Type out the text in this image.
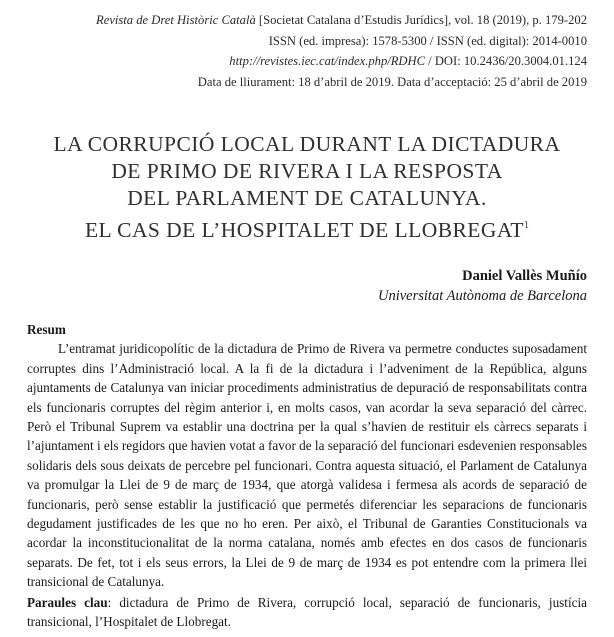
Revista de Dret Històric Català [Societat Catalana d’Estudis Jurídics], vol. 18 (2019), p. 179-202
ISSN (ed. impresa): 1578-5300 / ISSN (ed. digital): 2014-0010
http://revistes.iec.cat/index.php/RDHC / DOI: 10.2436/20.3004.01.124
Data de lliurament: 18 d’abril de 2019. Data d’acceptació: 25 d’abril de 2019
LA CORRUPCIÓ LOCAL DURANT LA DICTADURA
DE PRIMO DE RIVERA I LA RESPOSTA
DEL PARLAMENT DE CATALUNYA.
EL CAS DE L’HOSPITALET DE LLOBREGAT$^1$
Daniel Vallès Muñío
Universitat Autònoma de Barcelona
Resum

L’entramat juridicopolític de la dictadura de Primo de Rivera va permetre conductes suposadament corruptes dins l’Administració local. A la fi de la dictadura i l’adveniment de la República, alguns ajuntaments de Catalunya van iniciar procediments administratius de depuració de responsabilitats contra els funcionaris corruptes del règim anterior i, en molts casos, van acordar la seva separació del càrrec. Però el Tribunal Suprem va establir una doctrina per la qual s’havien de restituir els càrrecs separats i l’ajuntament i els regidors que havien votat a favor de la separació del funcionari esdevenien responsables solidaris dels sous deixats de percebre pel funcionari. Contra aquesta situació, el Parlament de Catalunya va promulgar la Llei de 9 de març de 1934, que atorgà validesa i fermesa als acords de separació de funcionaris, però sense establir la justificació que permetés diferenciar les separacions de funcionaris degudament justificades de les que no ho eren. Per això, el Tribunal de Garanties Constitucionals va acordar la inconstitucionalitat de la norma catalana, només amb efectes en dos casos de funcionaris separats. De fet, tot i els seus errors, la Llei de 9 de març de 1934 es pot entendre com la primera llei transicional de Catalunya.

Paraules clau: dictadura de Primo de Rivera, corrupció local, separació de funcionaris, justícia transicional, l’Hospitalet de Llobregat.
